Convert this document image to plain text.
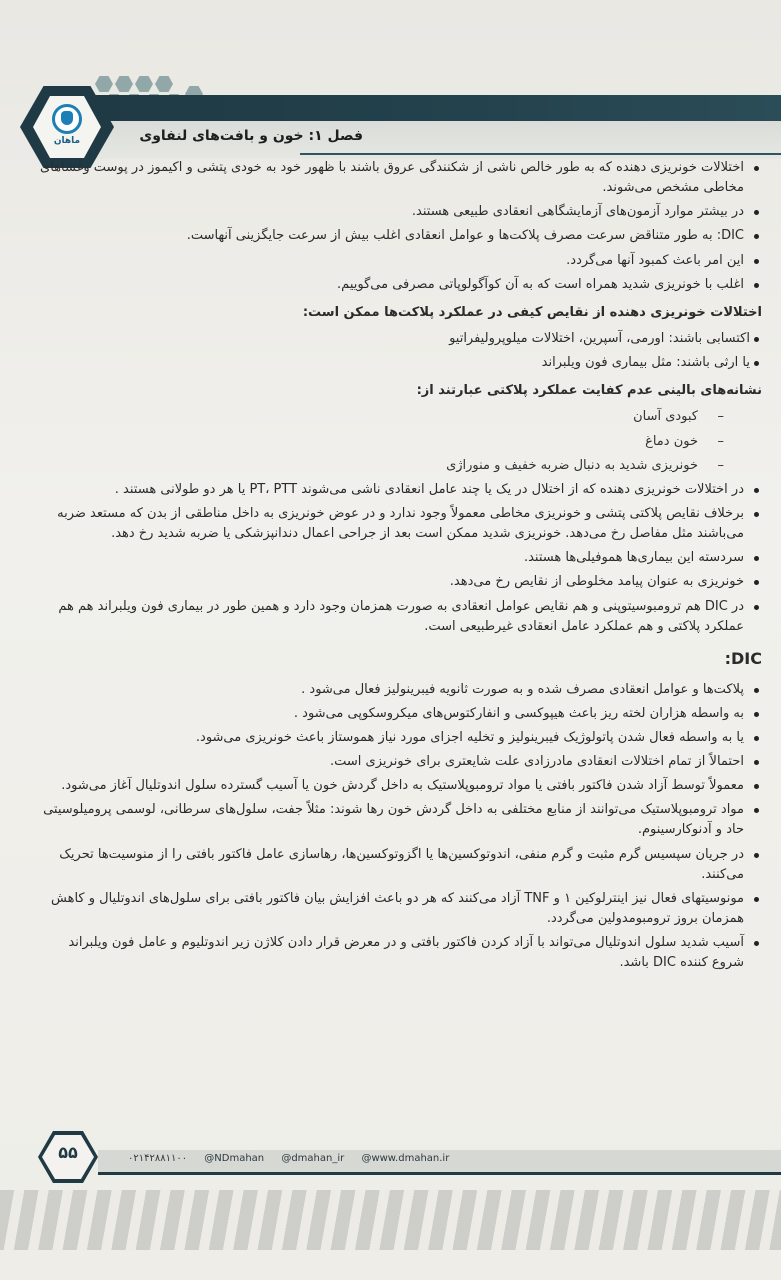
فصل ۱: خون و بافت‌های لنفاوی
ماهان
اختلالات خونریزی دهنده که به طور خالص ناشی از شکنندگی عروق باشند با ظهور خود به خودی پتشی و اکیموز در پوست وغشاهای مخاطی مشخص می‌شوند.
در بیشتر موارد آزمون‌های آزمایشگاهی انعقادی طبیعی هستند.
DIC: به طور متناقض سرعت مصرف پلاکت‌ها و عوامل انعقادی اغلب بیش از سرعت جایگزینی آنهاست.
این امر باعث کمبود آنها می‌گردد.
اغلب با خونریزی شدید همراه است که به آن کوآگولوپاتی مصرفی می‌گوییم.
اختلالات خونریزی دهنده از نقایص کیفی در عملکرد پلاکت‌ها ممکن است:
اکتسابی باشند: اورمی، آسپرین، اختلالات میلوپرولیفراتیو
یا ارثی باشند: مثل بیماری فون ویلبراند
نشانه‌های بالینی عدم کفایت عملکرد پلاکتی عبارتند از:
– کبودی آسان
– خون دماغ
– خونریزی شدید به دنبال ضربه خفیف و منوراژی
در اختلالات خونریزی دهنده که از اختلال در یک یا چند عامل انعقادی ناشی می‌شوند PT، PTT یا هر دو طولانی هستند .
برخلاف نقایص پلاکتی پتشی و خونریزی مخاطی معمولاً وجود ندارد و در عوض خونریزی به داخل مناطقی از بدن که مستعد ضربه می‌باشند مثل مفاصل رخ می‌دهد. خونریزی شدید ممکن است بعد از جراحی اعمال دندانپزشکی یا ضربه شدید رخ دهد.
سردسته این بیماری‌ها هموفیلی‌ها هستند.
خونریزی به عنوان پیامد مخلوطی از نقایص رخ می‌دهد.
در DIC هم ترومبوسیتوپنی و هم نقایص عوامل انعقادی به صورت همزمان وجود دارد و همین طور در بیماری فون ویلبراند هم هم عملکرد پلاکتی و هم عملکرد عامل انعقادی غیرطبیعی است.
DIC:
پلاکت‌ها و عوامل انعقادی مصرف شده و به صورت ثانویه فیبرینولیز فعال می‌شود .
به واسطه هزاران لخته ریز باعث هیپوکسی و انفارکتوس‌های میکروسکوپی می‌شود .
یا به واسطه فعال شدن پاتولوژیک فیبرینولیز و تخلیه اجزای مورد نیاز هموستاز باعث خونریزی می‌شود.
احتمالاً از تمام اختلالات انعقادی مادرزادی علت شایعتری برای خونریزی است.
معمولاً توسط آزاد شدن فاکتور بافتی یا مواد ترومبوپلاستیک به داخل گردش خون یا آسیب گسترده سلول اندوتلیال آغاز می‌شود.
مواد ترومبوپلاستیک می‌توانند از منابع مختلفی به داخل گردش خون رها شوند: مثلاً جفت، سلول‌های سرطانی، لوسمی پرومیلوسیتی حاد و آدنوکارسینوم.
در جریان سپسیس گرم مثبت و گرم منفی، اندوتوکسین‌ها یا اگزوتوکسین‌ها، رهاسازی عامل فاکتور بافتی را از منوسیت‌ها تحریک می‌کنند.
مونوسیتهای فعال نیز اینترلوکین ۱ و TNF آزاد می‌کنند که هر دو باعث افزایش بیان فاکتور بافتی برای سلول‌های اندوتلیال و کاهش همزمان بروز ترومبومدولین می‌گردد.
آسیب شدید سلول اندوتلیال می‌تواند با آزاد کردن فاکتور بافتی و در معرض قرار دادن کلاژن زیر اندوتلیوم و عامل فون ویلبراند شروع کننده DIC باشد.
۰۲۱۴۲۸۸۱۱۰۰ @NDmahan @dmahan_ir @www.dmahan.ir
۵۵
